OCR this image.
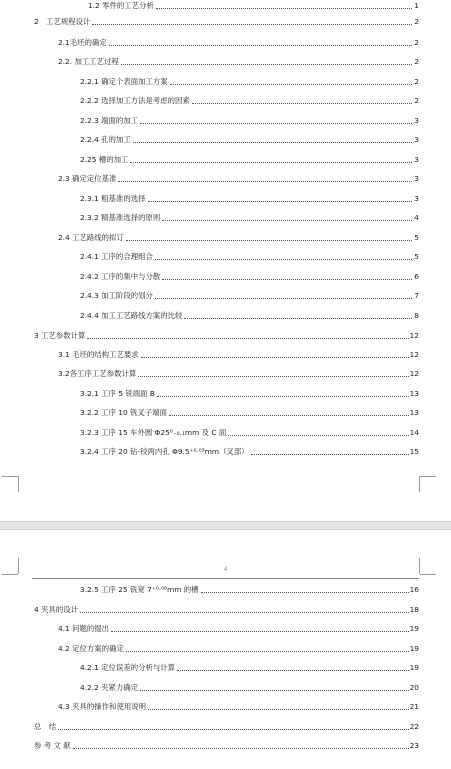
1.2 零件的工艺分析	1
2　工艺规程设计	2
2.1毛坯的确定	2
2.2. 加工工艺过程	2
2.2.1 确定个表面加工方案	2
2.2.2 选择加工方法是考虑的因素	2
2.2.3 端面的加工	3
2.2.4 孔的加工	3
2.25 槽的加工	3
2.3 确定定位基准	3
2.3.1 粗基准的选择	3
2.3.2 精基准选择的原则	4
2.4 工艺路线的拟订	5
2.4.1 工序的合理组合	5
2.4.2 工序的集中与分散	6
2.4.3 加工阶段的划分	7
2.4.4 加工工艺路线方案的比较	8
3 工艺参数计算	12
3.1 毛坯的结构工艺要求	12
3.2各工序工艺参数计算	12
3.2.1 工序 5 铣端面 B	13
3.2.2 工序 10 铣叉子端面	13
3.2.3 工序 15 车外圆 Φ25⁰₋₀.₁mm 及 C 面	14
3.2.4 工序 20 钻-铰两内孔 Φ9.5⁺⁰·⁰³mm（叉部）	15
4
3.2.5 工序 25 铣宽 7⁺⁰·⁰⁸mm 的槽	16
4 夹具的设计	18
4.1 问题的提出	19
4.2 定位方案的确定	19
4.2.1 定位误差的分析与计算	19
4.2.2 夹紧力确定	20
4.3 夹具的操作和使用说明	21
总　结	22
参 考 文 献	23
